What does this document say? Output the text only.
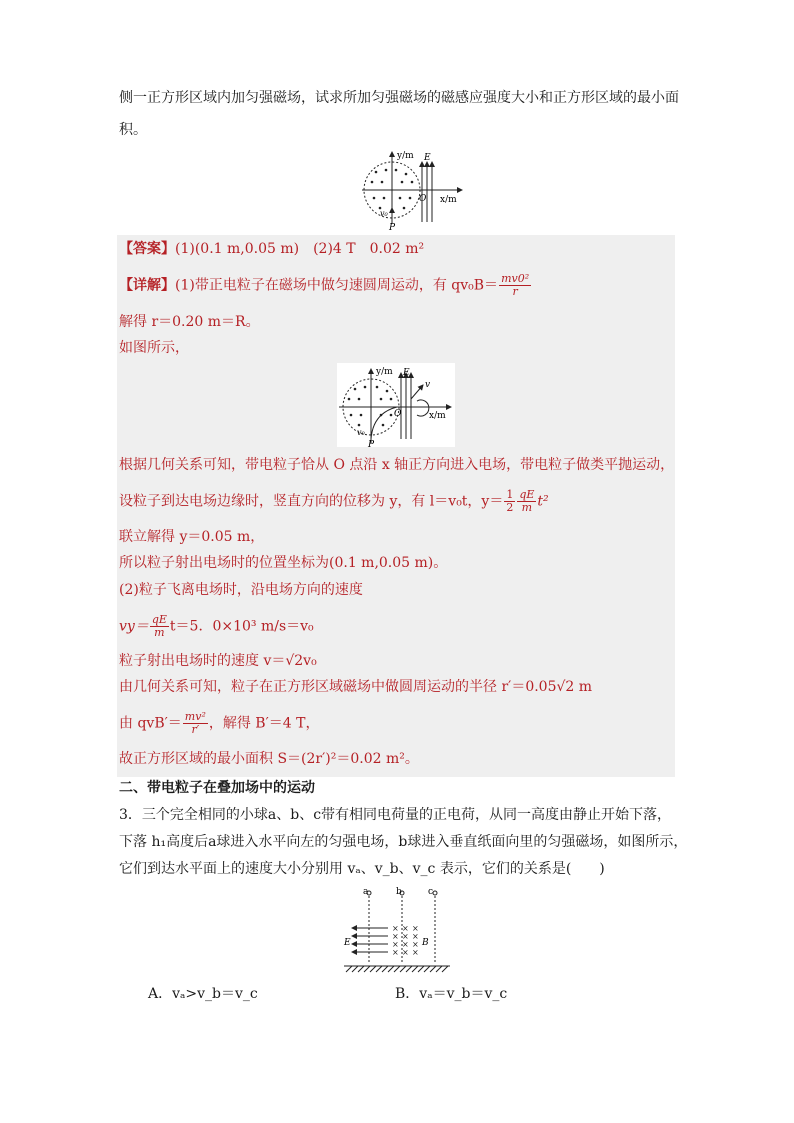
侧一正方形区域内加匀强磁场，试求所加匀强磁场的磁感应强度大小和正方形区域的最小面
积。
y/m E
x/m
O
v₀
P
【答案】(1)(0.1 m,0.05 m)　(2)4 T　0.02 m²
【详解】(1)带正电粒子在磁场中做匀速圆周运动，有 $qv_0B= \frac{\text{mv0²}}{r}$
解得 r＝0.20 m＝R。
如图所示，
y/m E
x/m
O
v
v₀
P
根据几何关系可知，带电粒子恰从 O 点沿 x 轴正方向进入电场，带电粒子做类平抛运动，
设粒子到达电场边缘时，竖直方向的位移为 y，有 l＝v₀t，$y= \frac{1}{2} \frac{qE}{m} t^2$
联立解得 y＝0.05 m，
所以粒子射出电场时的位置坐标为(0.1 m,0.05 m)。
(2)粒子飞离电场时，沿电场方向的速度
$vy= \frac{qE}{m} t=5$．0×10³ m/s＝v₀
粒子射出电场时的速度 v＝√2v₀
由几何关系可知，粒子在正方形区域磁场中做圆周运动的半径 r′＝0.05√2 m
由 $qvB'= \frac{\text{mv²}}{r'}$ ，解得 B′＝4 T，
故正方形区域的最小面积 S＝(2r′)²＝0.02 m²。
二、带电粒子在叠加场中的运动
3．三个完全相同的小球a、b、c带有相同电荷量的正电荷，从同一高度由静止开始下落，
下落 h₁高度后a球进入水平向左的匀强电场，b球进入垂直纸面向里的匀强磁场，如图所示，
它们到达水平面上的速度大小分别用 vₐ、v_b、v_c 表示，它们的关系是(　　)
× × ×
× × ×
× × ×
× × ×
a	b	c
E	B
A．vₐ>v_b＝v_c	B．vₐ＝v_b＝v_c
